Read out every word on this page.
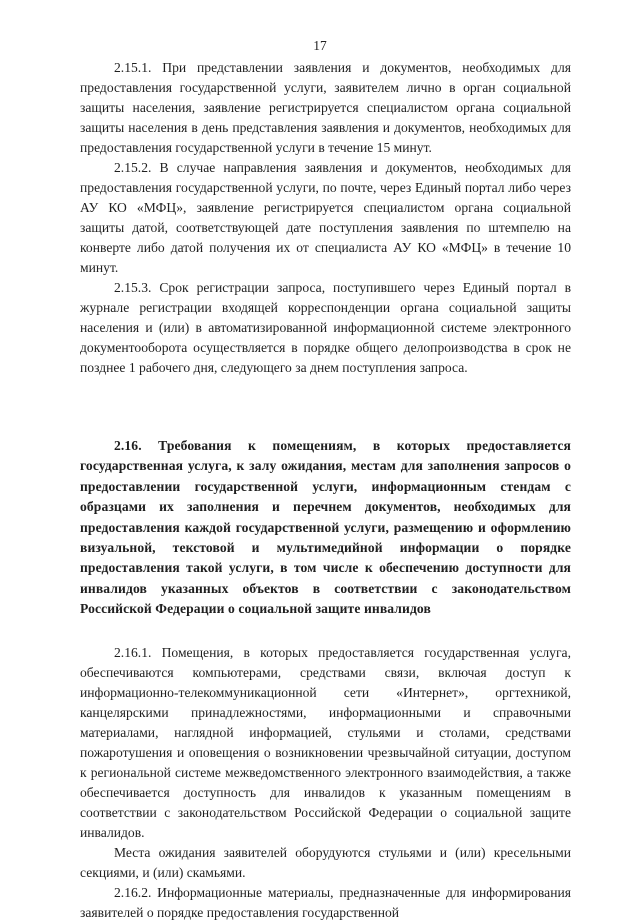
17

2.15.1. При представлении заявления и документов, необходимых для предоставления государственной услуги, заявителем лично в орган социальной защиты населения, заявление регистрируется специалистом органа социальной защиты населения в день представления заявления и документов, необходимых для предоставления государственной услуги в течение 15 минут.

2.15.2. В случае направления заявления и документов, необходимых для предоставления государственной услуги, по почте, через Единый портал либо через АУ КО «МФЦ», заявление регистрируется специалистом органа социальной защиты датой, соответствующей дате поступления заявления по штемпелю на конверте либо датой получения их от специалиста АУ КО «МФЦ» в течение 10 минут.

2.15.3. Срок регистрации запроса, поступившего через Единый портал в журнале регистрации входящей корреспонденции органа социальной защиты населения и (или) в автоматизированной информационной системе электронного документооборота осуществляется в порядке общего делопроизводства в срок не позднее 1 рабочего дня, следующего за днем поступления запроса.

2.16. Требования к помещениям, в которых предоставляется государственная услуга, к залу ожидания, местам для заполнения запросов о предоставлении государственной услуги, информационным стендам с образцами их заполнения и перечнем документов, необходимых для предоставления каждой государственной услуги, размещению и оформлению визуальной, текстовой и мультимедийной информации о порядке предоставления такой услуги, в том числе к обеспечению доступности для инвалидов указанных объектов в соответствии с законодательством Российской Федерации о социальной защите инвалидов

2.16.1. Помещения, в которых предоставляется государственная услуга, обеспечиваются компьютерами, средствами связи, включая доступ к информационно-телекоммуникационной сети «Интернет», оргтехникой, канцелярскими принадлежностями, информационными и справочными материалами, наглядной информацией, стульями и столами, средствами пожаротушения и оповещения о возникновении чрезвычайной ситуации, доступом к региональной системе межведомственного электронного взаимодействия, а также обеспечивается доступность для инвалидов к указанным помещениям в соответствии с законодательством Российской Федерации о социальной защите инвалидов.

Места ожидания заявителей оборудуются стульями и (или) кресельными секциями, и (или) скамьями.

2.16.2. Информационные материалы, предназначенные для информирования заявителей о порядке предоставления государственной
